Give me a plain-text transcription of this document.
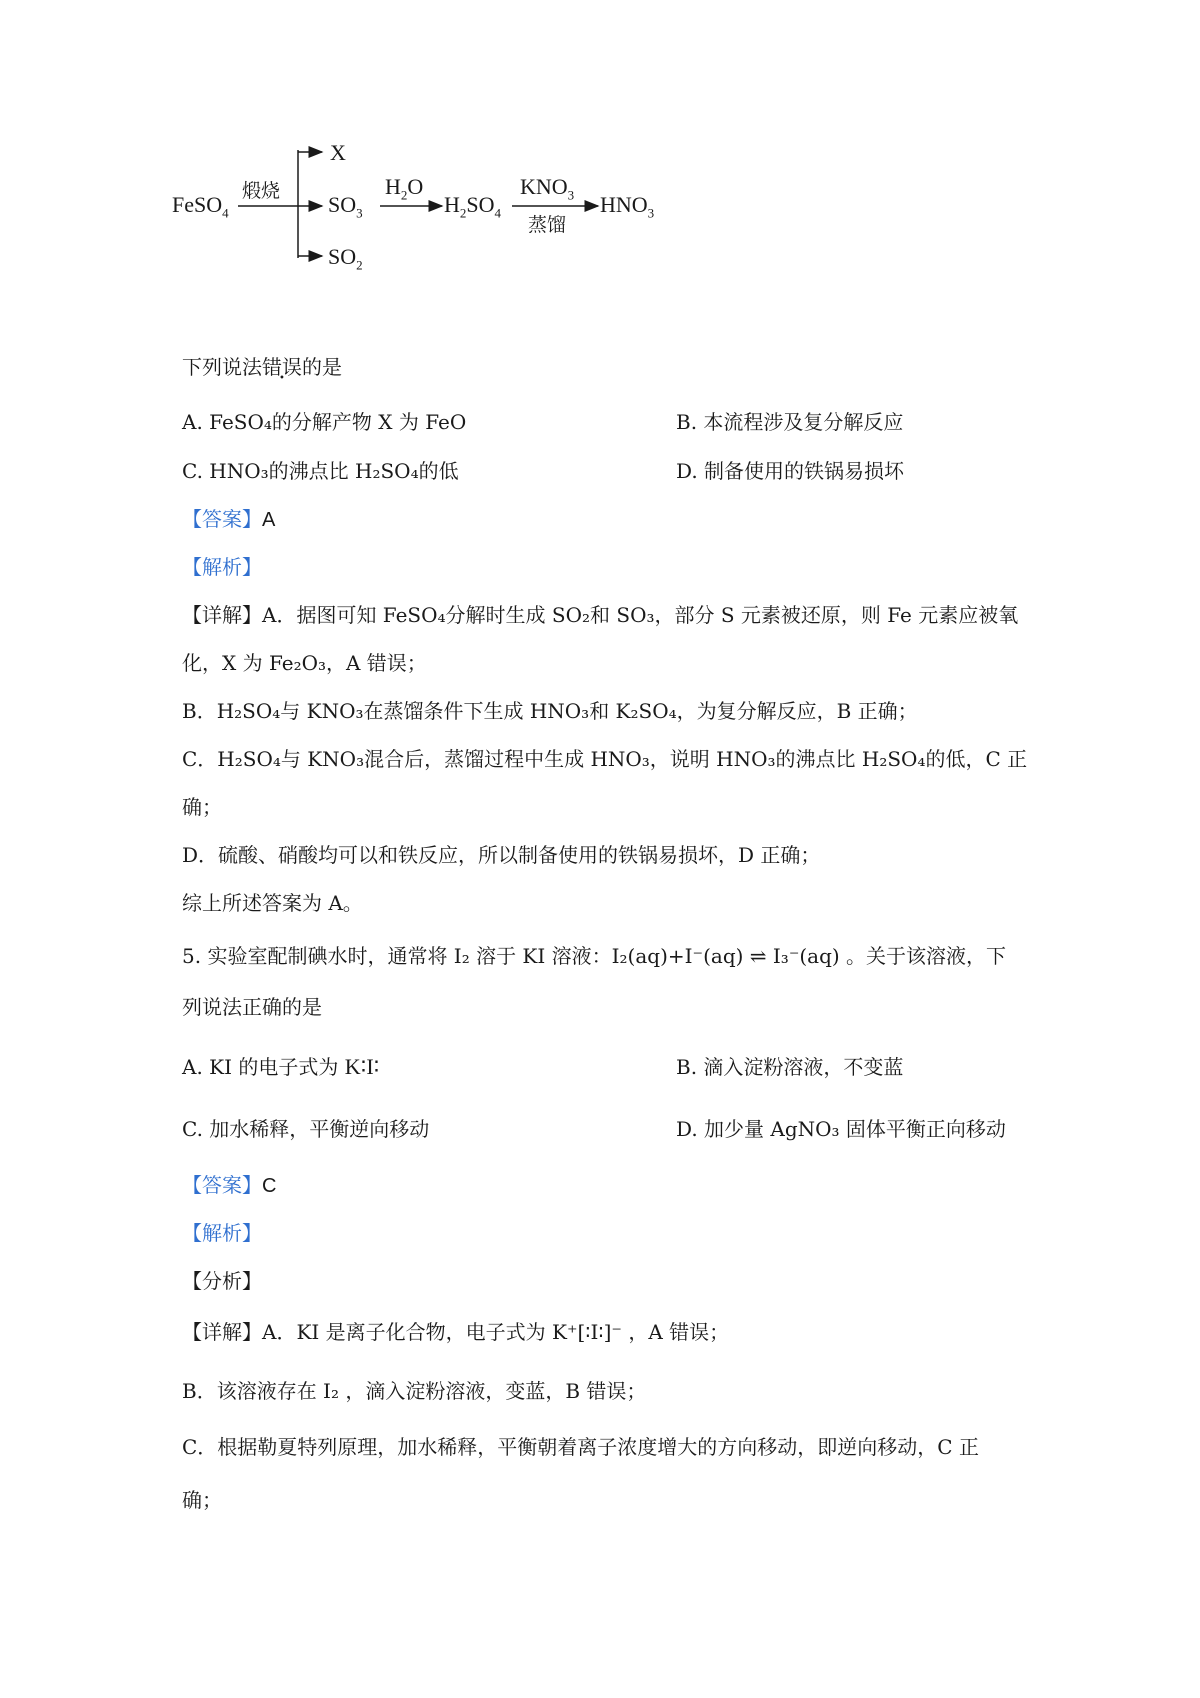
FeSO$_4$
煅烧
X
$SO_3$
$SO_2$
$H_2O$
$H_2SO_4$
$KNO_3$
蒸馏
$HNO_3$
下列说法错误的是
A. FeSO₄的分解产物 X 为 FeO	B. 本流程涉及复分解反应
C. HNO₃的沸点比 H₂SO₄的低	D. 制备使用的铁锅易损坏
【答案】A
【解析】
【详解】A．据图可知 FeSO₄分解时生成 SO₂和 SO₃，部分 S 元素被还原，则 Fe 元素应被氧
化，X 为 Fe₂O₃，A 错误；
B．H₂SO₄与 KNO₃在蒸馏条件下生成 HNO₃和 K₂SO₄，为复分解反应，B 正确；
C．H₂SO₄与 KNO₃混合后，蒸馏过程中生成 HNO₃，说明 HNO₃的沸点比 H₂SO₄的低，C 正
确；
D．硫酸、硝酸均可以和铁反应，所以制备使用的铁锅易损坏，D 正确；
综上所述答案为 A。
5. 实验室配制碘水时，通常将 I₂ 溶于 KI 溶液：I₂(aq)+I⁻(aq) ⇌ I₃⁻(aq) 。关于该溶液，下
列说法正确的是
A. KI 的电子式为 K∶I∶	B. 滴入淀粉溶液，不变蓝
C. 加水稀释，平衡逆向移动	D. 加少量 AgNO₃ 固体平衡正向移动
【答案】C
【解析】
【分析】
【详解】A．KI 是离子化合物，电子式为 K⁺[∶I∶]⁻ ，A 错误；
B．该溶液存在 I₂ ，滴入淀粉溶液，变蓝，B 错误；
C．根据勒夏特列原理，加水稀释，平衡朝着离子浓度增大的方向移动，即逆向移动，C 正
确；
